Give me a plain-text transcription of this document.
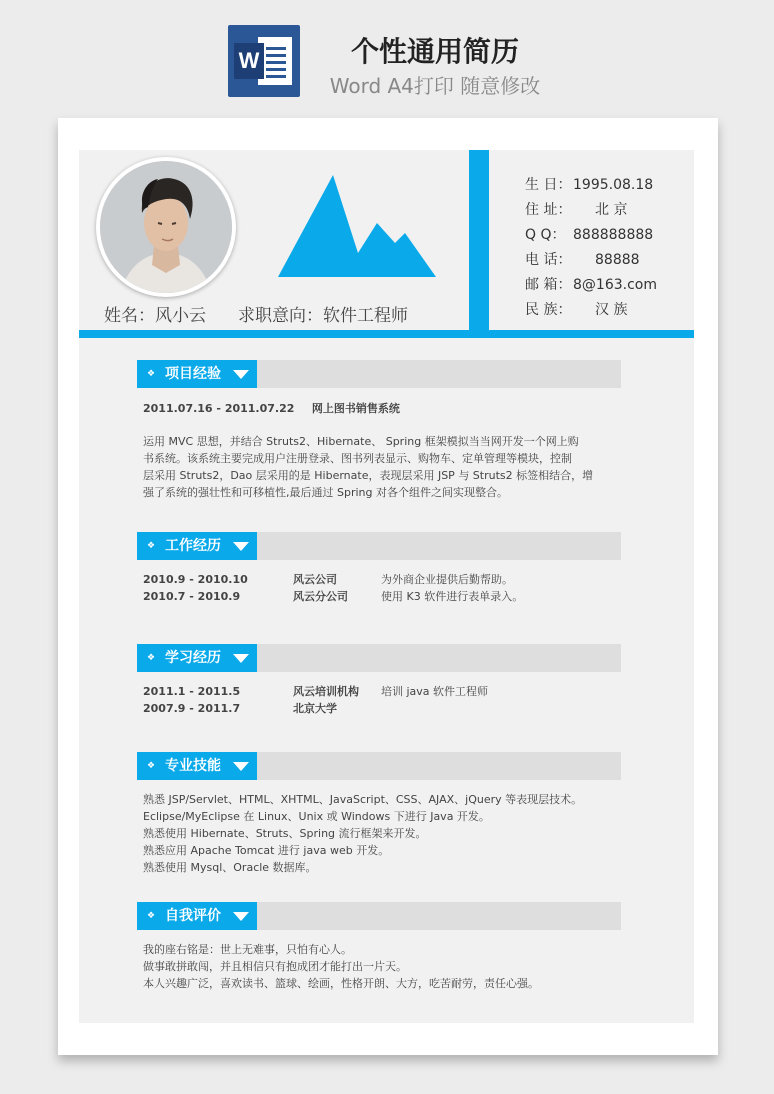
W	个性通用简历
Word A4打印 随意修改
姓名：风小云 求职意向：软件工程师
生 日： 1995.08.18
住 址： 北 京
Q Q： 888888888
电 话： 88888
邮 箱： 8@163.com
民 族： 汉 族
❖ 项目经验
2011.07.16 - 2011.07.22 网上图书销售系统
运用 MVC 思想，并结合 Struts2、Hibernate、 Spring 框架模拟当当网开发一个网上购
书系统。该系统主要完成用户注册登录、图书列表显示、购物车、定单管理等模块，控制
层采用 Struts2，Dao 层采用的是 Hibernate，表现层采用 JSP 与 Struts2 标签相结合，增
强了系统的强壮性和可移植性,最后通过 Spring 对各个组件之间实现整合。
❖ 工作经历
2010.9 - 2010.10	风云公司	为外商企业提供后勤帮助。
2010.7 - 2010.9	风云分公司	使用 K3 软件进行表单录入。
❖ 学习经历
2011.1 - 2011.5	风云培训机构 培训 java 软件工程师
2007.9 - 2011.7	北京大学
❖ 专业技能
熟悉 JSP/Servlet、HTML、XHTML、JavaScript、CSS、AJAX、jQuery 等表现层技术。
Eclipse/MyEclipse 在 Linux、Unix 或 Windows 下进行 Java 开发。
熟悉使用 Hibernate、Struts、Spring 流行框架来开发。
熟悉应用 Apache Tomcat 进行 java web 开发。
熟悉使用 Mysql、Oracle 数据库。
❖ 自我评价
我的座右铭是：世上无难事，只怕有心人。
做事敢拼敢闯，并且相信只有抱成团才能打出一片天。
本人兴趣广泛，喜欢读书、篮球、绘画，性格开朗、大方，吃苦耐劳，责任心强。
